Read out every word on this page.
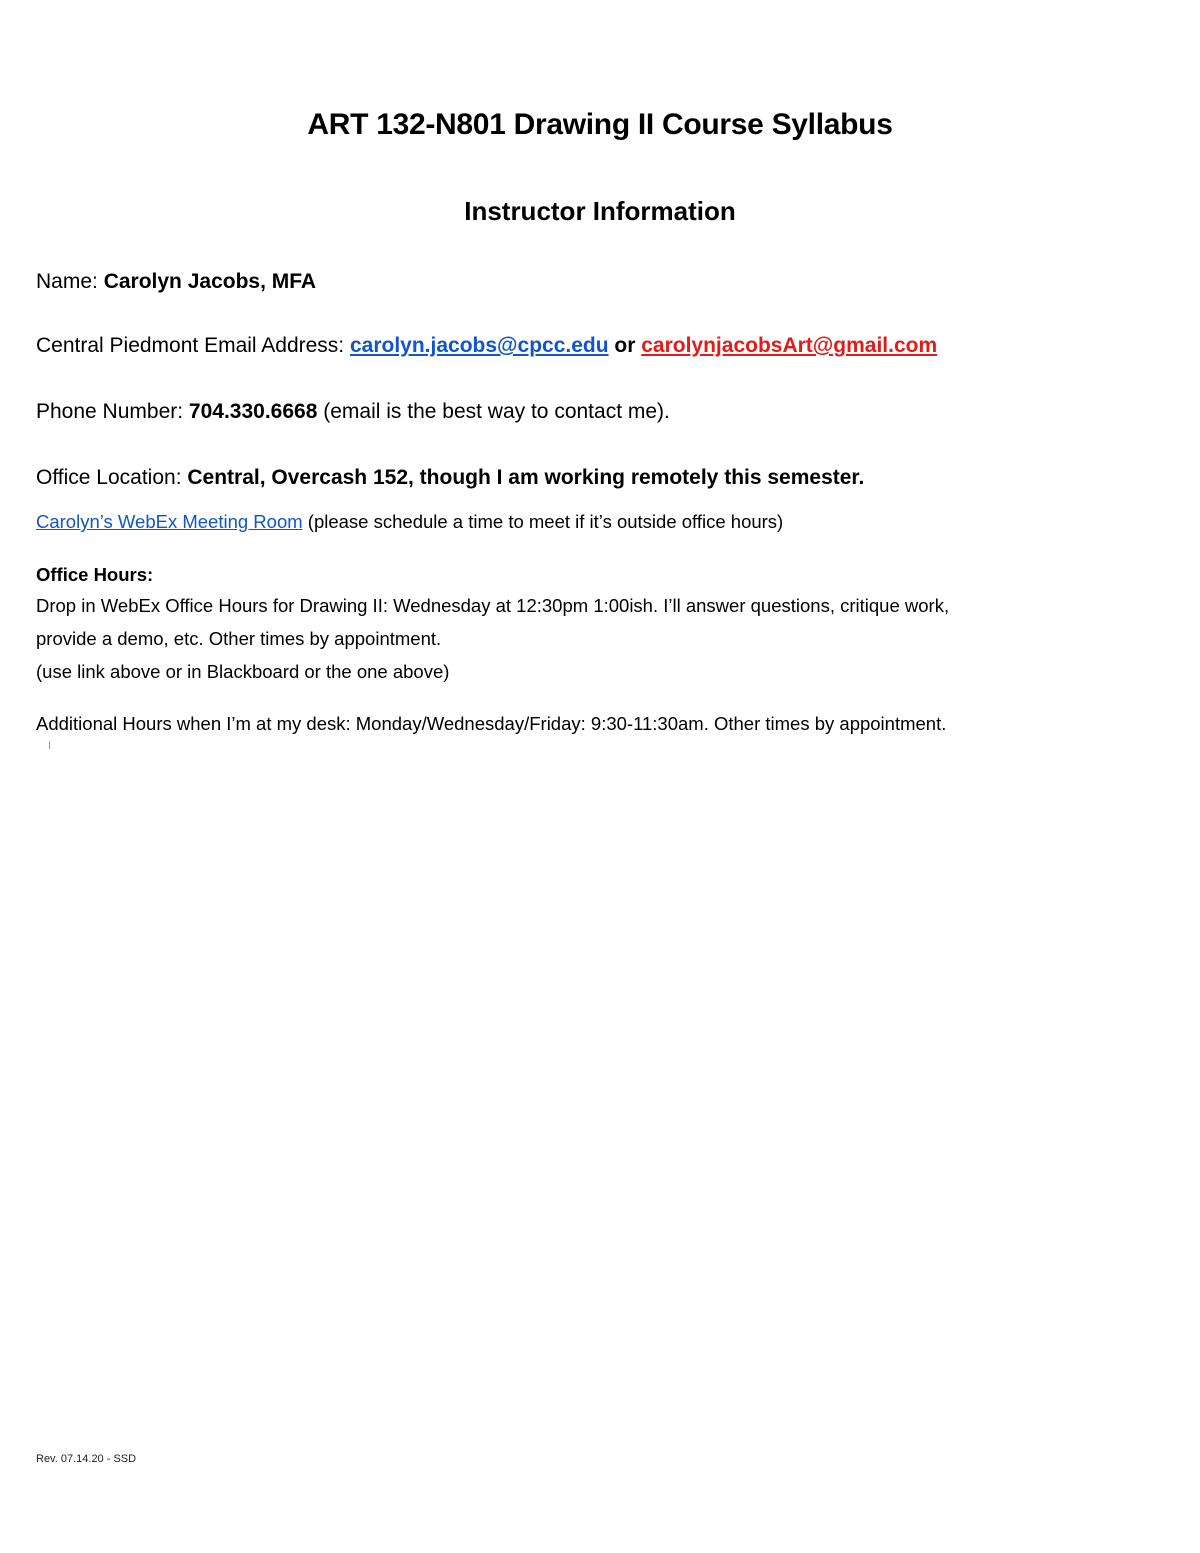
ART 132-N801 Drawing II Course Syllabus
Instructor Information
Name: Carolyn Jacobs, MFA
Central Piedmont Email Address: carolyn.jacobs@cpcc.edu or carolynjacobsArt@gmail.com
Phone Number: 704.330.6668 (email is the best way to contact me).
Office Location: Central, Overcash 152, though I am working remotely this semester.
Carolyn’s WebEx Meeting Room (please schedule a time to meet if it’s outside office hours)
Office Hours:
Drop in WebEx Office Hours for Drawing II: Wednesday at 12:30pm 1:00ish. I’ll answer questions, critique work,
provide a demo, etc. Other times by appointment.
(use link above or in Blackboard or the one above)
Additional Hours when I’m at my desk: Monday/Wednesday/Friday: 9:30-11:30am. Other times by appointment.
Rev. 07.14.20 - SSD
